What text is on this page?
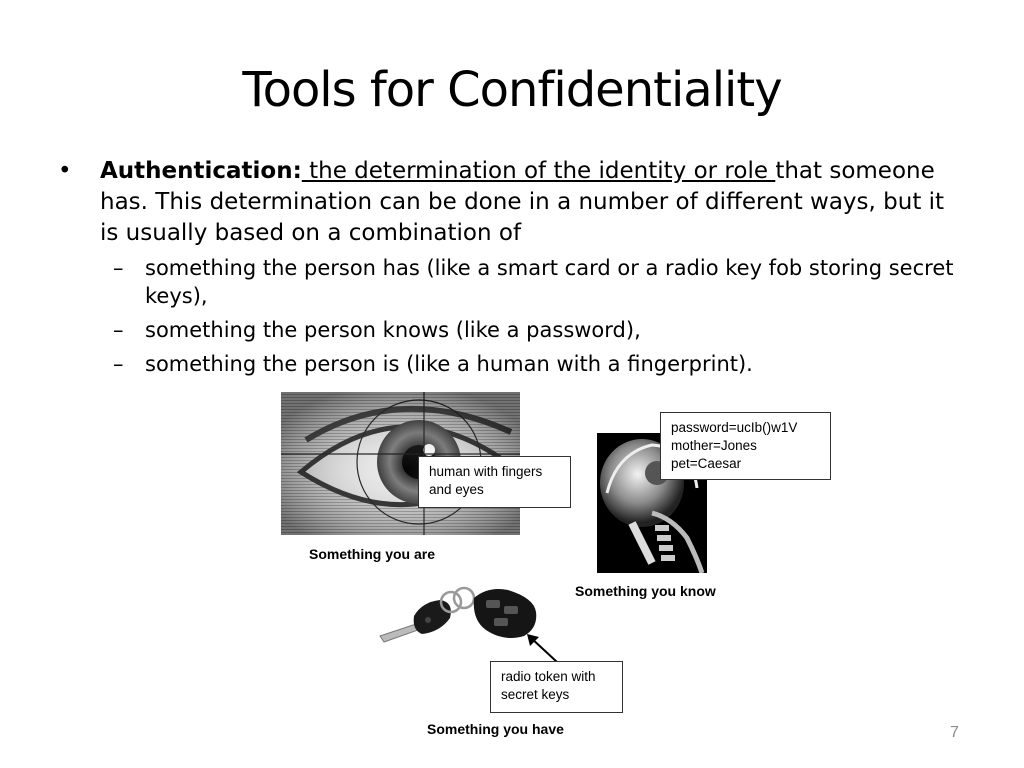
Tools for Confidentiality
• Authentication: the determination of the identity or role that someone has. This determination can be done in a number of different ways, but it is usually based on a combination of
– something the person has (like a smart card or a radio key fob storing secret keys),
– something the person knows (like a password),
– something the person is (like a human with a fingerprint).
human with fingers and eyes
Something you are
password=ucIb()w1V
mother=Jones
pet=Caesar
Something you know
radio token with secret keys
Something you have	7
